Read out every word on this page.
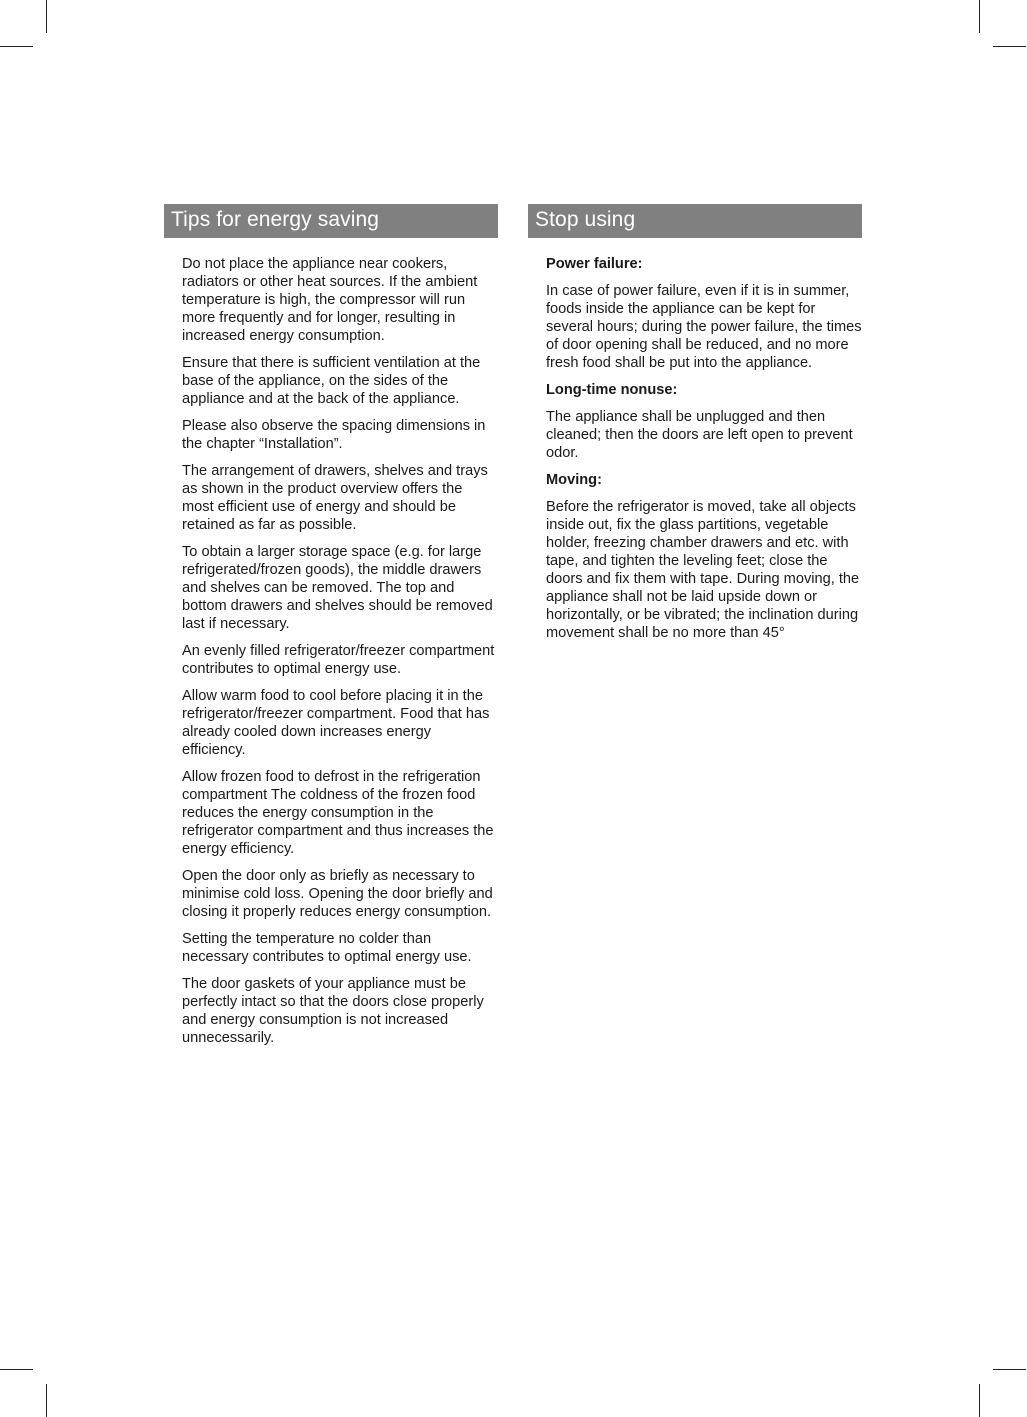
Tips for energy saving

Do not place the appliance near cookers, radiators or other heat sources. If the ambient temperature is high, the compressor will run more frequently and for longer, resulting in increased energy consumption.

Ensure that there is sufficient ventilation at the base of the appliance, on the sides of the appliance and at the back of the appliance.

Please also observe the spacing dimensions in the chapter “Installation”.

The arrangement of drawers, shelves and trays as shown in the product overview offers the most efficient use of energy and should be retained as far as possible.

To obtain a larger storage space (e.g. for large refrigerated/frozen goods), the middle drawers and shelves can be removed. The top and bottom drawers and shelves should be removed last if necessary.

An evenly filled refrigerator/freezer compartment contributes to optimal energy use.

Allow warm food to cool before placing it in the refrigerator/freezer compartment. Food that has already cooled down increases energy efficiency.

Allow frozen food to defrost in the refrigeration compartment The coldness of the frozen food reduces the energy consumption in the refrigerator compartment and thus increases the energy efficiency.

Open the door only as briefly as necessary to minimise cold loss. Opening the door briefly and closing it properly reduces energy consumption.

Setting the temperature no colder than necessary contributes to optimal energy use.

The door gaskets of your appliance must be perfectly intact so that the doors close properly and energy consumption is not increased unnecessarily.

Stop using

Power failure:

In case of power failure, even if it is in summer, foods inside the appliance can be kept for several hours; during the power failure, the times of door opening shall be reduced, and no more fresh food shall be put into the appliance.

Long-time nonuse:

The appliance shall be unplugged and then cleaned; then the doors are left open to prevent odor.

Moving:

Before the refrigerator is moved, take all objects inside out, fix the glass partitions, vegetable holder, freezing chamber drawers and etc. with tape, and tighten the leveling feet; close the doors and fix them with tape. During moving, the appliance shall not be laid upside down or horizontally, or be vibrated; the inclination during movement shall be no more than 45°
